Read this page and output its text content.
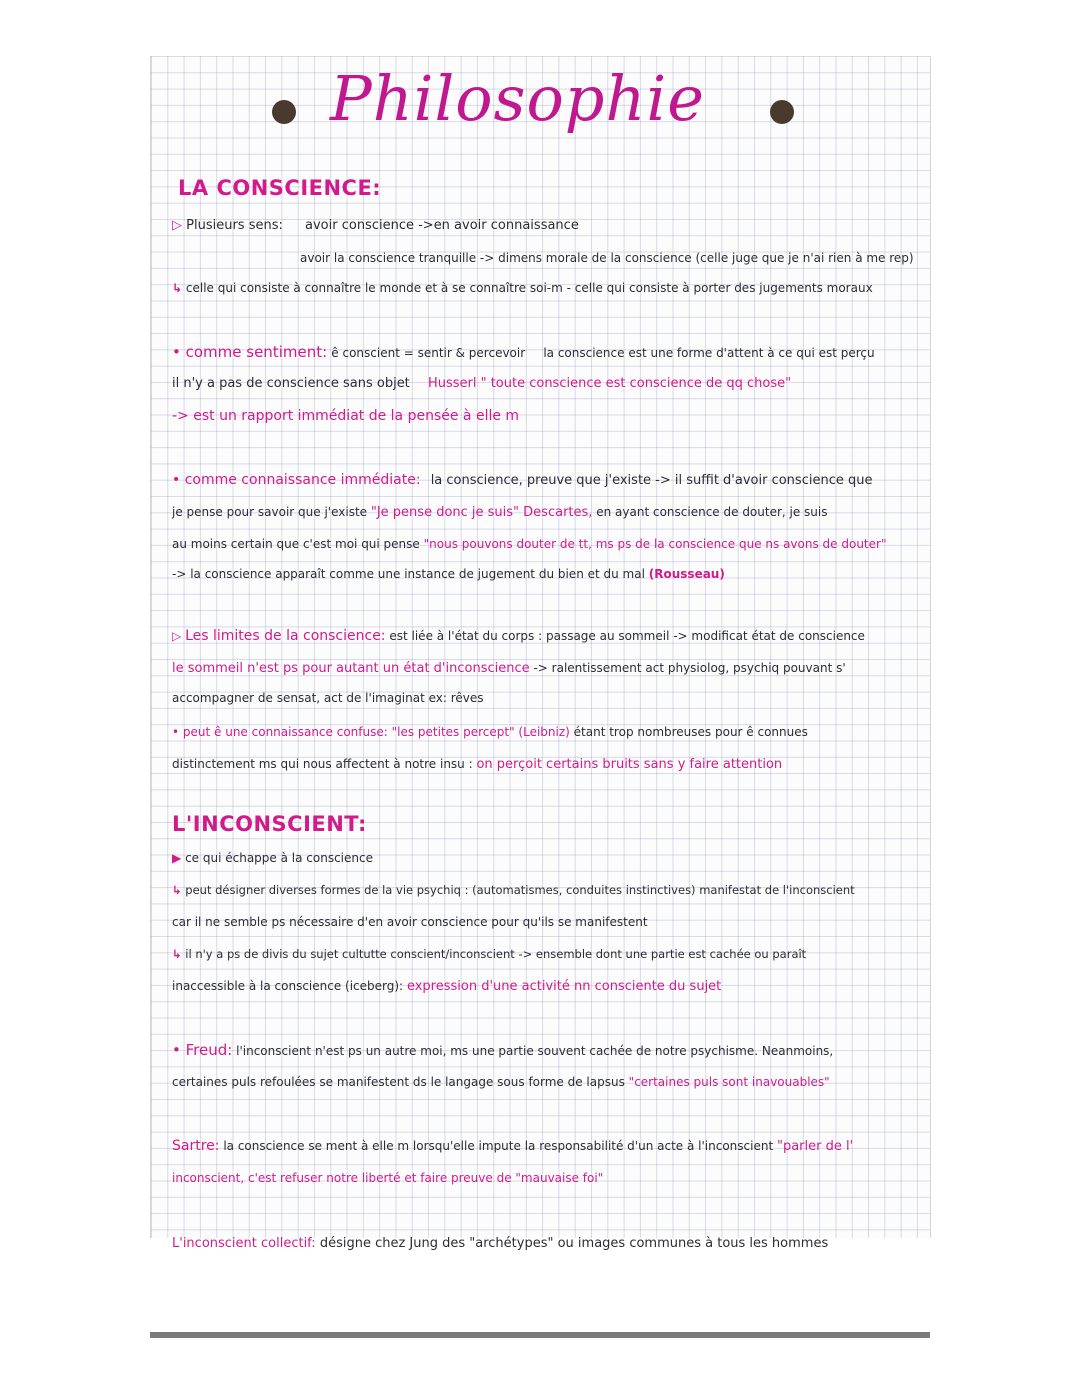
Philosophie
LA CONSCIENCE:
▷ Plusieurs sens: avoir conscience ->en avoir connaissance
avoir la conscience tranquille -> dimens morale de la conscience (celle juge que je n'ai rien à me rep)
↳ celle qui consiste à connaître le monde et à se connaître soi-m - celle qui consiste à porter des jugements moraux
• comme sentiment: ê conscient = sentir & percevoir la conscience est une forme d'attent à ce qui est perçu
il n'y a pas de conscience sans objet Husserl " toute conscience est conscience de qq chose"
-> est un rapport immédiat de la pensée à elle m
• comme connaissance immédiate: la conscience, preuve que j'existe -> il suffit d'avoir conscience que
je pense pour savoir que j'existe "Je pense donc je suis" Descartes, en ayant conscience de douter, je suis
au moins certain que c'est moi qui pense "nous pouvons douter de tt, ms ps de la conscience que ns avons de douter"
-> la conscience apparaît comme une instance de jugement du bien et du mal (Rousseau)
▷ Les limites de la conscience: est liée à l'état du corps : passage au sommeil -> modificat état de conscience
le sommeil n'est ps pour autant un état d'inconscience -> ralentissement act physiolog, psychiq pouvant s'
accompagner de sensat, act de l'imaginat ex: rêves
• peut ê une connaissance confuse: "les petites percept" (Leibniz) étant trop nombreuses pour ê connues
distinctement ms qui nous affectent à notre insu : on perçoit certains bruits sans y faire attention
L'INCONSCIENT:
▶ ce qui échappe à la conscience
↳ peut désigner diverses formes de la vie psychiq : (automatismes, conduites instinctives) manifestat de l'inconscient
car il ne semble ps nécessaire d'en avoir conscience pour qu'ils se manifestent
↳ il n'y a ps de divis du sujet cultutte conscient/inconscient -> ensemble dont une partie est cachée ou paraît
inaccessible à la conscience (iceberg): expression d'une activité nn consciente du sujet
• Freud: l'inconscient n'est ps un autre moi, ms une partie souvent cachée de notre psychisme. Neanmoins,
certaines puls refoulées se manifestent ds le langage sous forme de lapsus "certaines puls sont inavouables"
Sartre: la conscience se ment à elle m lorsqu'elle impute la responsabilité d'un acte à l'inconscient "parler de l'
inconscient, c'est refuser notre liberté et faire preuve de "mauvaise foi"
L'inconscient collectif: désigne chez Jung des "archétypes" ou images communes à tous les hommes
